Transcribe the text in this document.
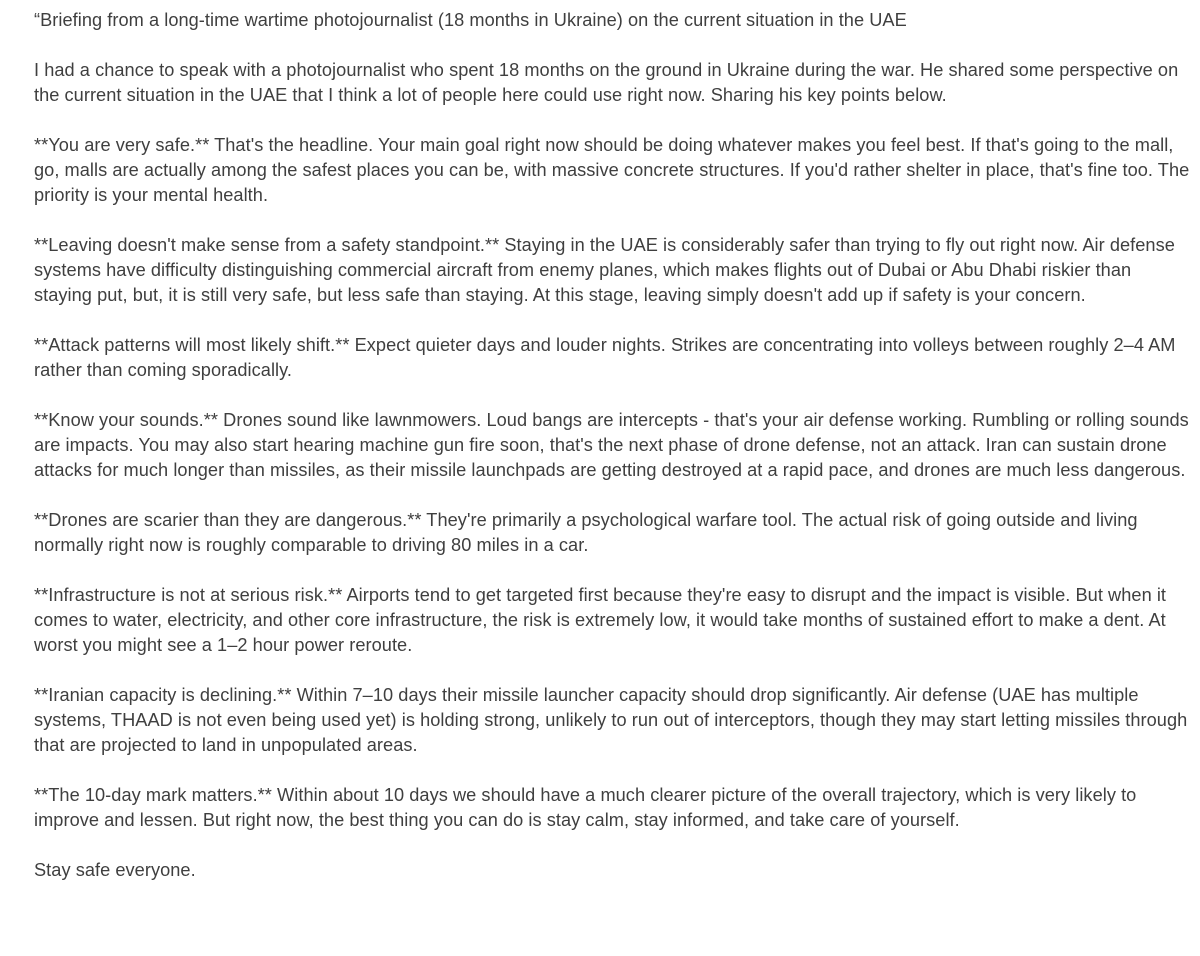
“Briefing from a long-time wartime photojournalist (18 months in Ukraine) on the current situation in the UAE

I had a chance to speak with a photojournalist who spent 18 months on the ground in Ukraine during the war. He shared some perspective on the current situation in the UAE that I think a lot of people here could use right now. Sharing his key points below.

**You are very safe.** That's the headline. Your main goal right now should be doing whatever makes you feel best. If that's going to the mall, go, malls are actually among the safest places you can be, with massive concrete structures. If you'd rather shelter in place, that's fine too. The priority is your mental health.

**Leaving doesn't make sense from a safety standpoint.** Staying in the UAE is considerably safer than trying to fly out right now. Air defense systems have difficulty distinguishing commercial aircraft from enemy planes, which makes flights out of Dubai or Abu Dhabi riskier than staying put, but, it is still very safe, but less safe than staying. At this stage, leaving simply doesn't add up if safety is your concern.

**Attack patterns will most likely shift.** Expect quieter days and louder nights. Strikes are concentrating into volleys between roughly 2–4 AM rather than coming sporadically.

**Know your sounds.** Drones sound like lawnmowers. Loud bangs are intercepts - that's your air defense working. Rumbling or rolling sounds are impacts. You may also start hearing machine gun fire soon, that's the next phase of drone defense, not an attack. Iran can sustain drone attacks for much longer than missiles, as their missile launchpads are getting destroyed at a rapid pace, and drones are much less dangerous.

**Drones are scarier than they are dangerous.** They're primarily a psychological warfare tool. The actual risk of going outside and living normally right now is roughly comparable to driving 80 miles in a car.

**Infrastructure is not at serious risk.** Airports tend to get targeted first because they're easy to disrupt and the impact is visible. But when it comes to water, electricity, and other core infrastructure, the risk is extremely low, it would take months of sustained effort to make a dent. At worst you might see a 1–2 hour power reroute.

**Iranian capacity is declining.** Within 7–10 days their missile launcher capacity should drop significantly. Air defense (UAE has multiple systems, THAAD is not even being used yet) is holding strong, unlikely to run out of interceptors, though they may start letting missiles through that are projected to land in unpopulated areas.

**The 10-day mark matters.** Within about 10 days we should have a much clearer picture of the overall trajectory, which is very likely to improve and lessen. But right now, the best thing you can do is stay calm, stay informed, and take care of yourself.

Stay safe everyone.
